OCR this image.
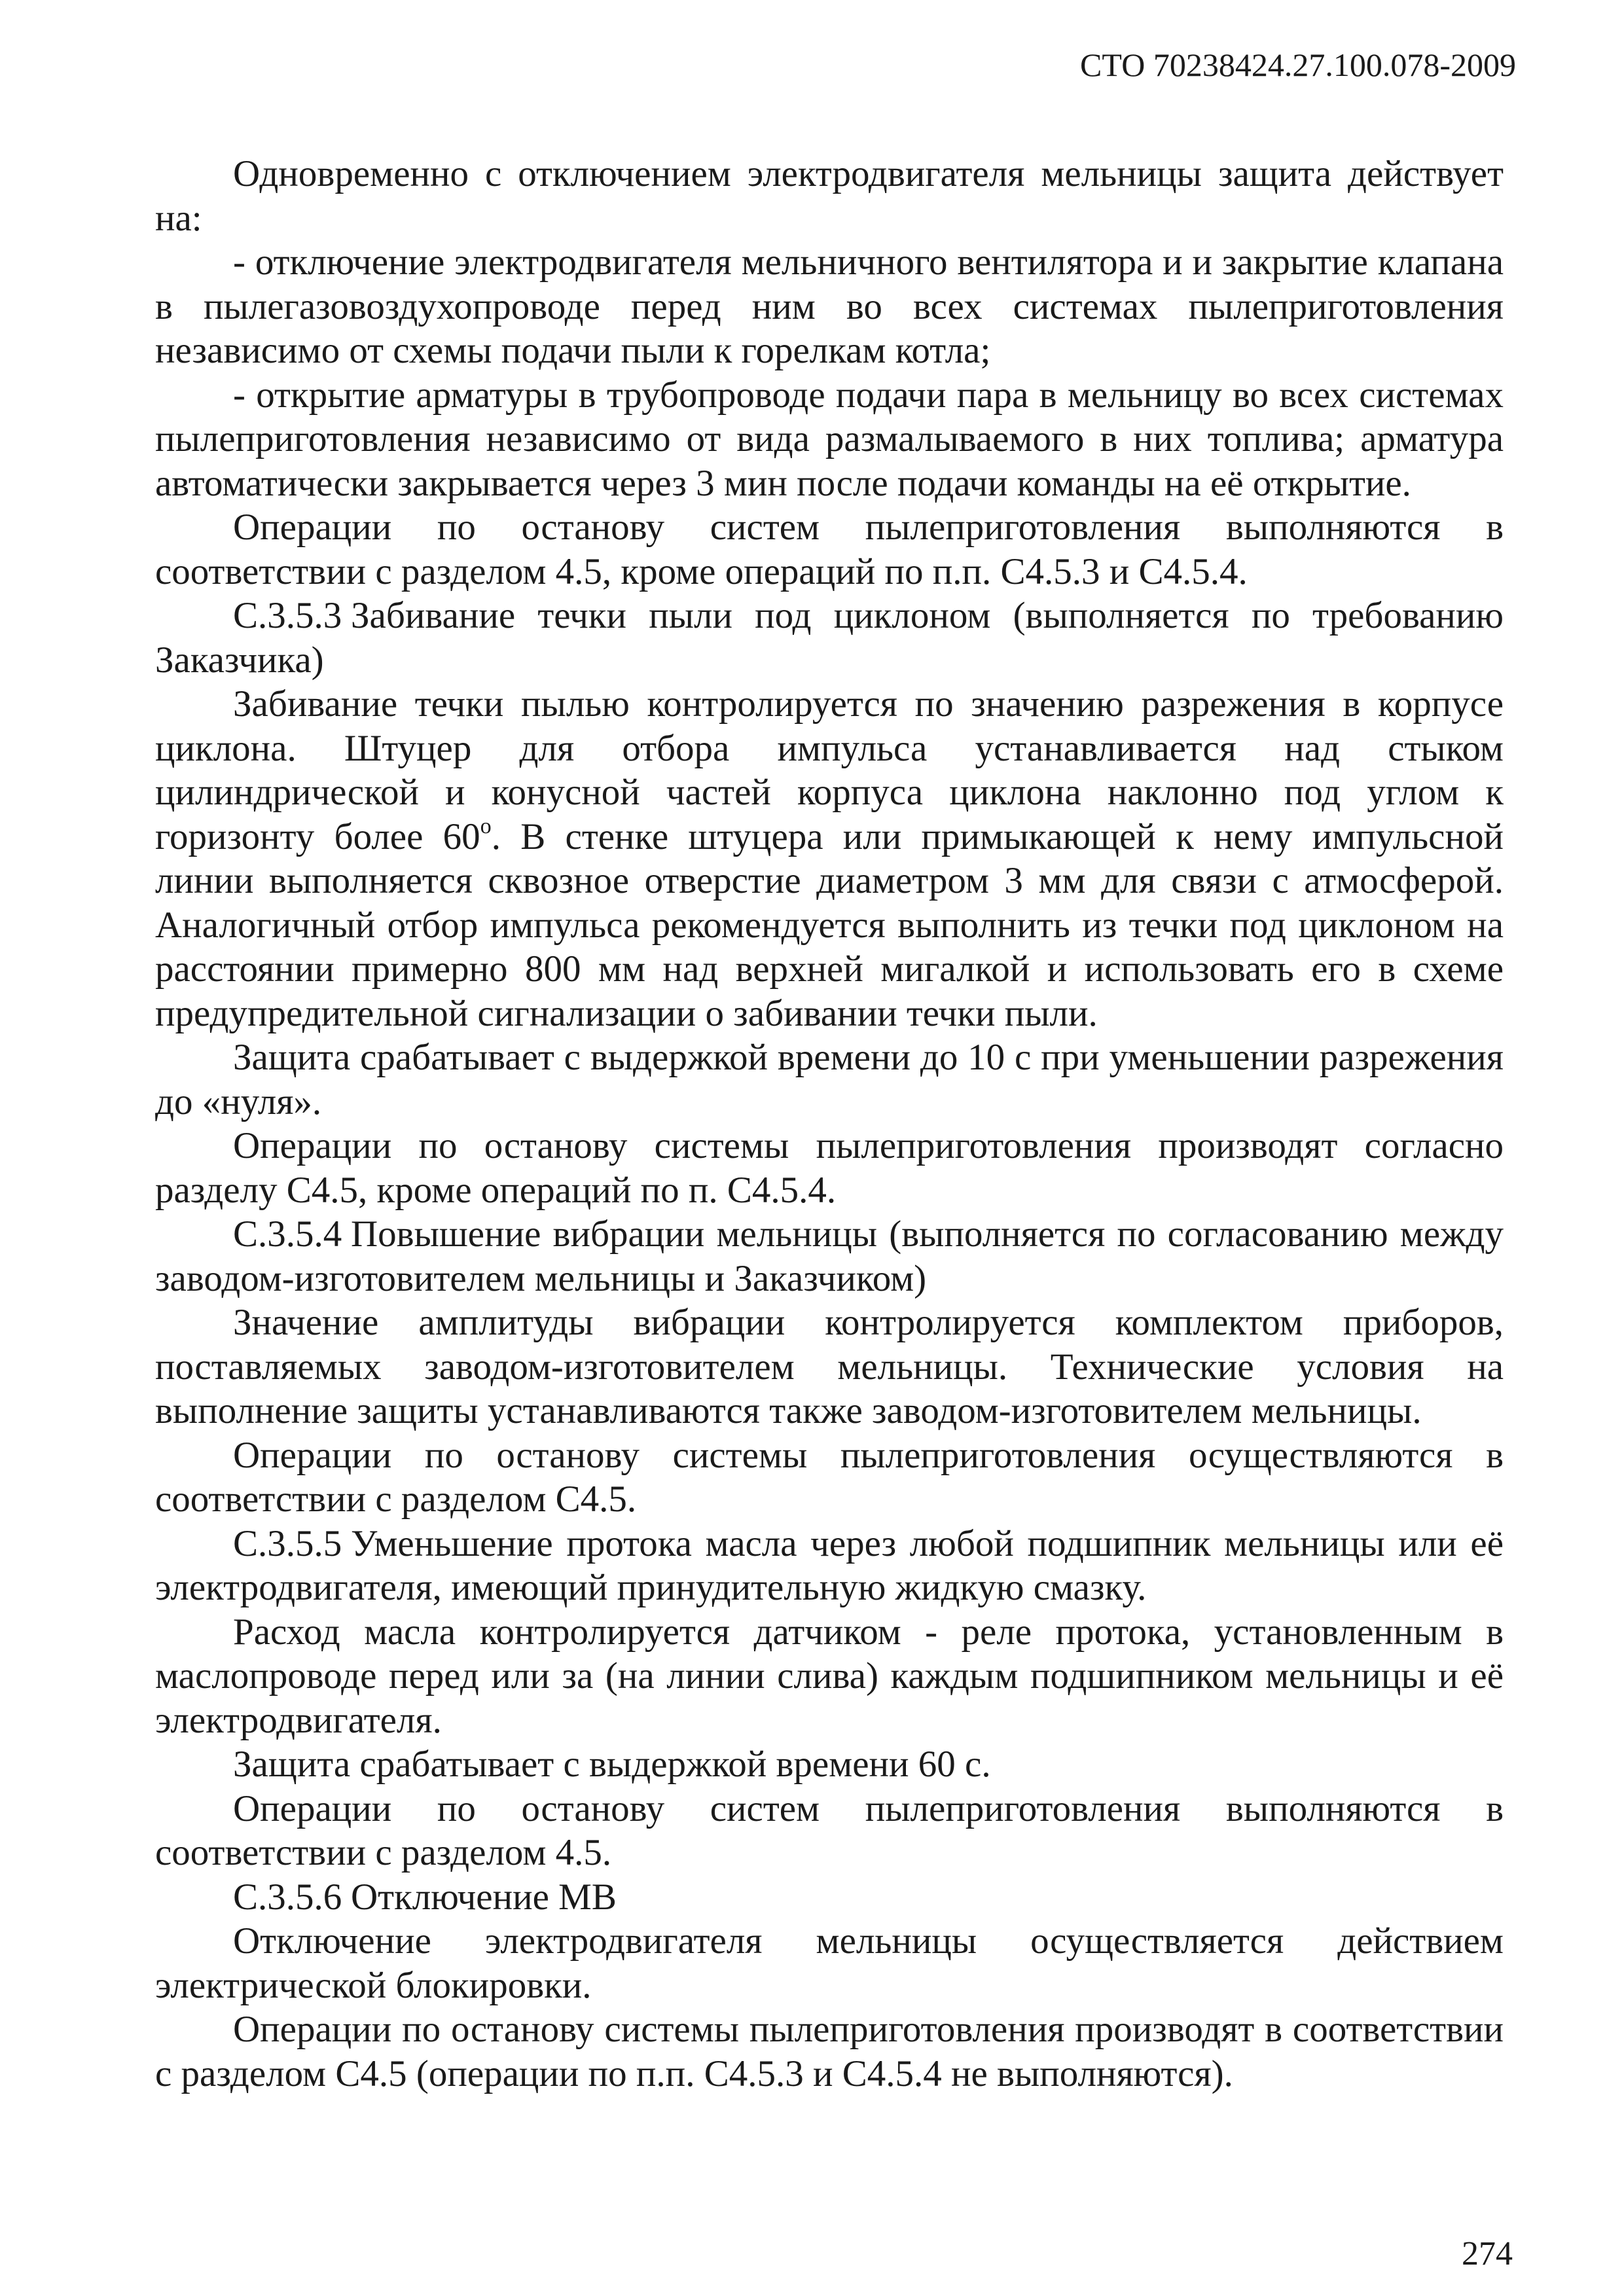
СТО 70238424.27.100.078-2009

Одновременно с отключением электродвигателя мельницы защита действует на:

- отключение электродвигателя мельничного вентилятора и и закрытие клапана в пылегазовоздухопроводе перед ним во всех системах пылеприготовления независимо от схемы подачи пыли к горелкам котла;

- открытие арматуры в трубопроводе подачи пара в мельницу во всех системах пылеприготовления независимо от вида размалываемого в них топлива; арматура автоматически закрывается через 3 мин после подачи команды на её открытие.

Операции по останову систем пылеприготовления выполняются в соответствии с разделом 4.5, кроме операций по п.п. С4.5.3 и С4.5.4.

С.3.5.3 Забивание течки пыли под циклоном (выполняется по требованию Заказчика)

Забивание течки пылью контролируется по значению разрежения в корпусе циклона. Штуцер для отбора импульса устанавливается над стыком цилиндрической и конусной частей корпуса циклона наклонно под углом к горизонту более 60$^o$. В стенке штуцера или примыкающей к нему импульсной линии выполняется сквозное отверстие диаметром 3 мм для связи с атмосферой. Аналогичный отбор импульса рекомендуется выполнить из течки под циклоном на расстоянии примерно 800 мм над верхней мигалкой и использовать его в схеме предупредительной сигнализации о забивании течки пыли.

Защита срабатывает с выдержкой времени до 10 с при уменьшении разрежения до «нуля».

Операции по останову системы пылеприготовления производят согласно разделу С4.5, кроме операций по п. С4.5.4.

С.3.5.4 Повышение вибрации мельницы (выполняется по согласованию между заводом-изготовителем мельницы и Заказчиком)

Значение амплитуды вибрации контролируется комплектом приборов, поставляемых заводом-изготовителем мельницы. Технические условия на выполнение защиты устанавливаются также заводом-изготовителем мельницы.

Операции по останову системы пылеприготовления осуществляются в соответствии с разделом С4.5.

С.3.5.5 Уменьшение протока масла через любой подшипник мельницы или её электродвигателя, имеющий принудительную жидкую смазку.

Расход масла контролируется датчиком - реле протока, установленным в маслопроводе перед или за (на линии слива) каждым подшипником мельницы и её электродвигателя.

Защита срабатывает с выдержкой времени 60 с.

Операции по останову систем пылеприготовления выполняются в соответствии с разделом 4.5.

С.3.5.6 Отключение МВ

Отключение электродвигателя мельницы осуществляется действием электрической блокировки.

Операции по останову системы пылеприготовления производят в соответствии с разделом С4.5 (операции по п.п. С4.5.3 и С4.5.4 не выполняются).

274
